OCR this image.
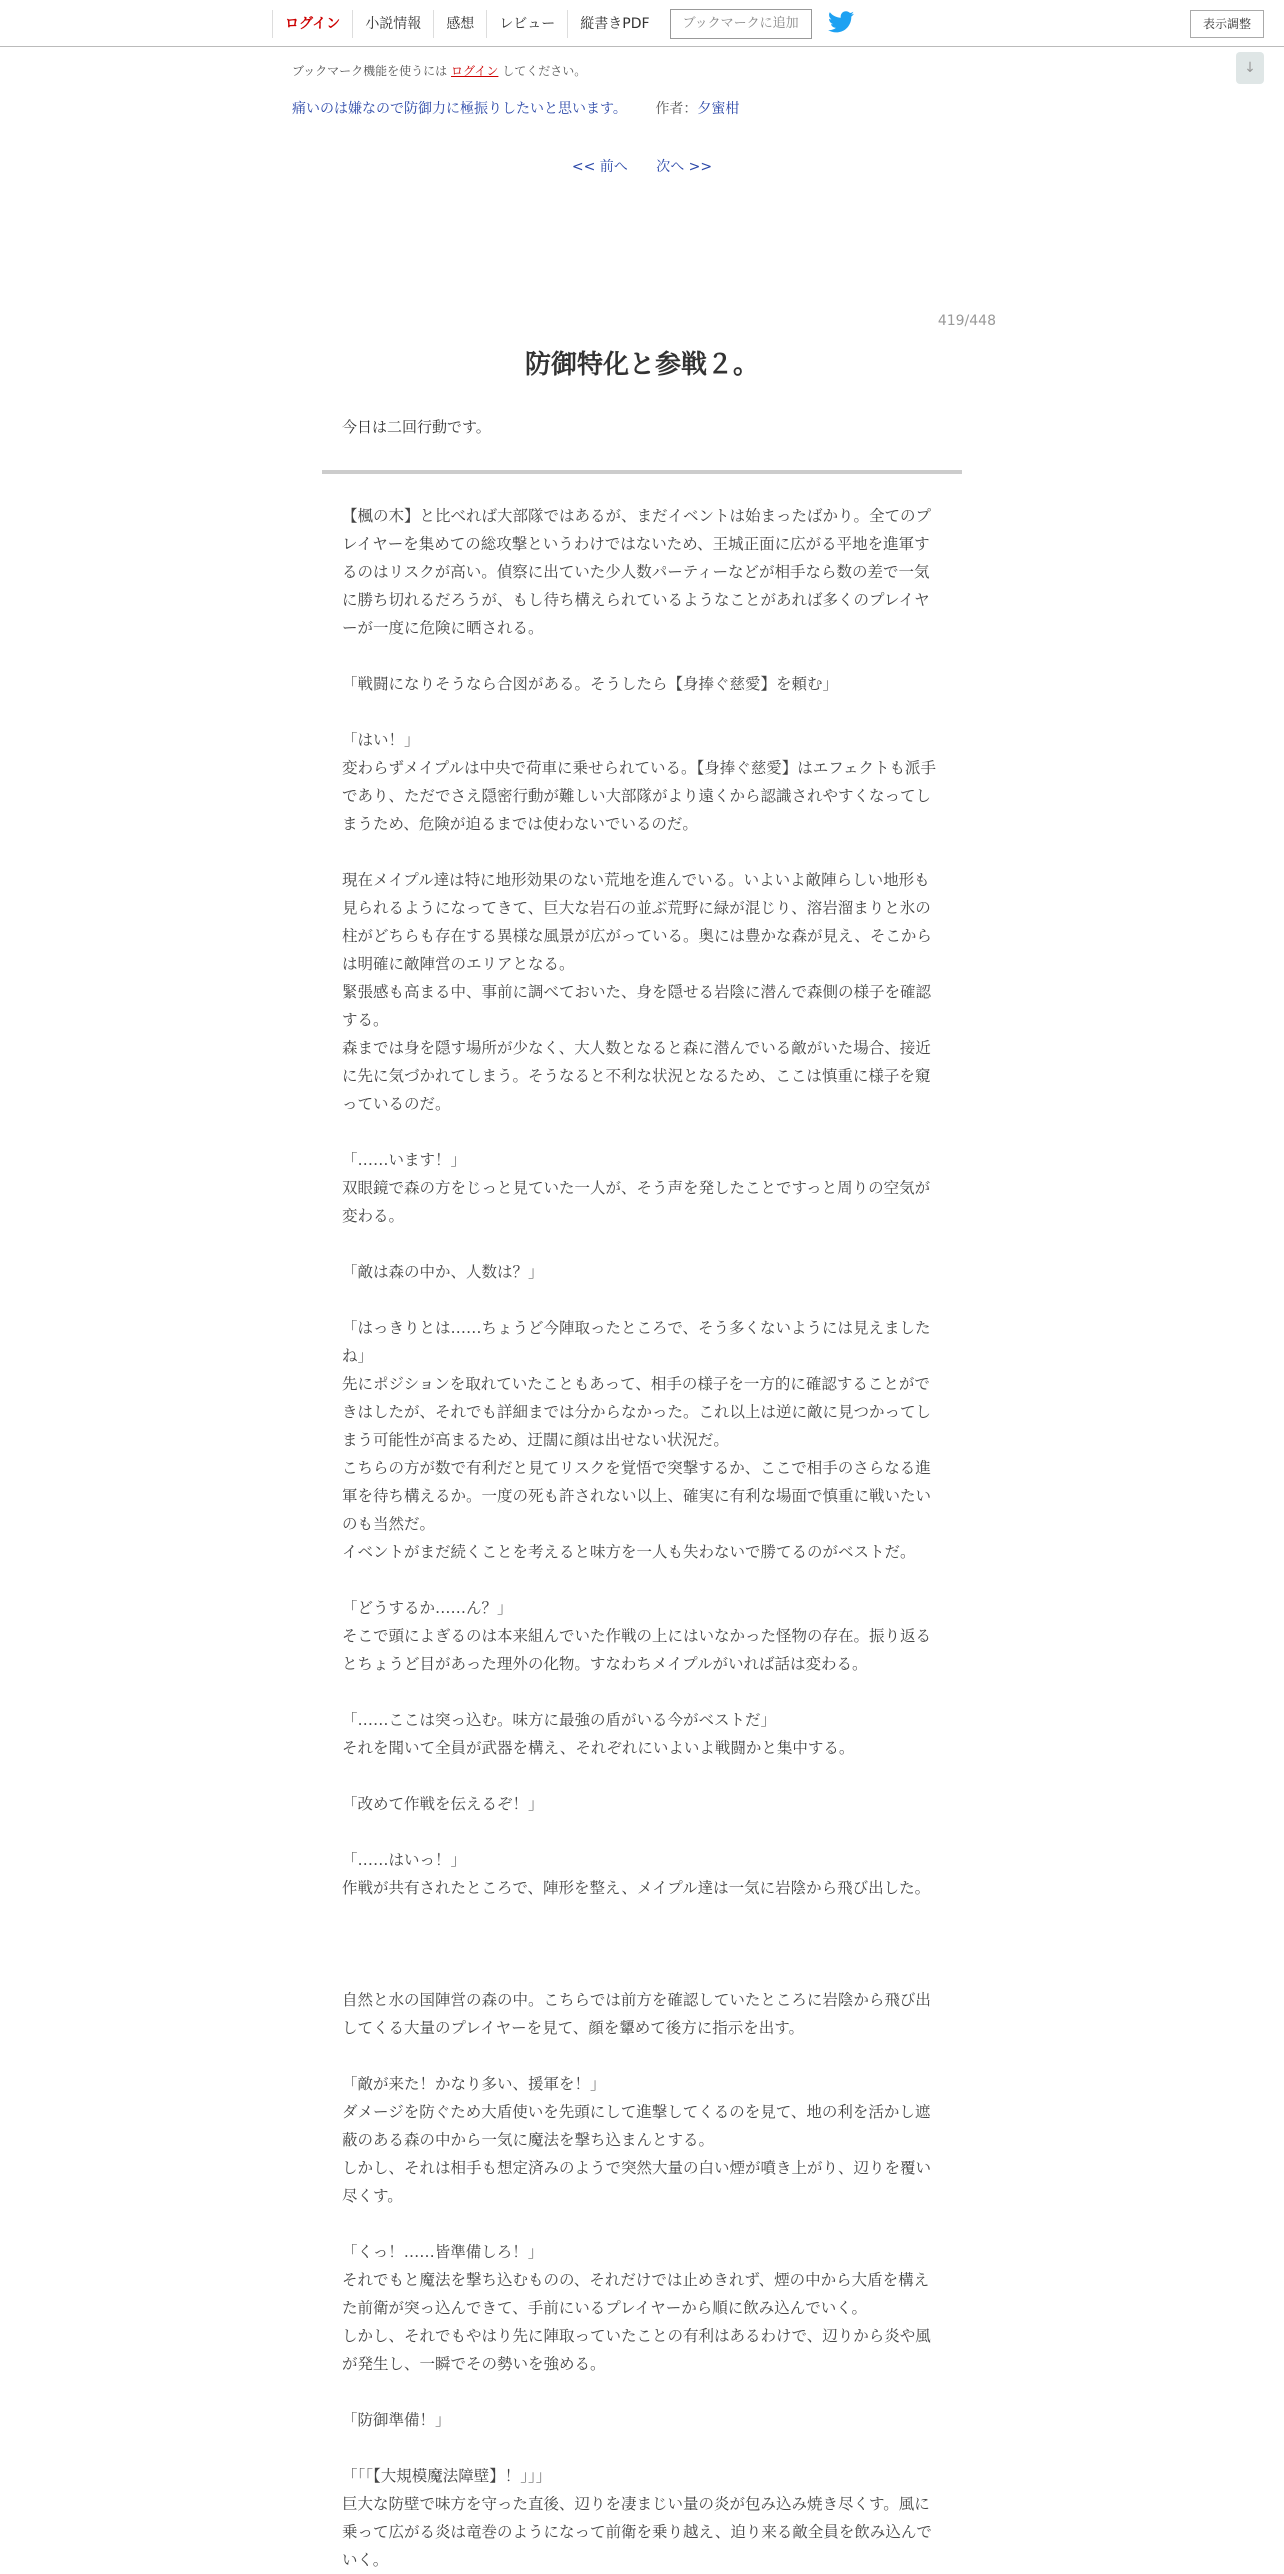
ログイン	小説情報	感想	レビュー	縦書きPDF	ブックマークに追加	表示調整
↓
ブックマーク機能を使うには ログイン してください。
痛いのは嫌なので防御力に極振りしたいと思います。 作者：夕蜜柑
<< 前へ 次へ >>
419/448
防御特化と参戦２。
今日は二回行動です。

【楓の木】と比べれば大部隊ではあるが、まだイベントは始まったばかり。全てのプレイヤーを集めての総攻撃というわけではないため、王城正面に広がる平地を進軍するのはリスクが高い。偵察に出ていた少人数パーティーなどが相手なら数の差で一気に勝ち切れるだろうが、もし待ち構えられているようなことがあれば多くのプレイヤーが一度に危険に晒される。

「戦闘になりそうなら合図がある。そうしたら【身捧ぐ慈愛】を頼む」

「はい！」

変わらずメイプルは中央で荷車に乗せられている。【身捧ぐ慈愛】はエフェクトも派手であり、ただでさえ隠密行動が難しい大部隊がより遠くから認識されやすくなってしまうため、危険が迫るまでは使わないでいるのだ。

現在メイプル達は特に地形効果のない荒地を進んでいる。いよいよ敵陣らしい地形も見られるようになってきて、巨大な岩石の並ぶ荒野に緑が混じり、溶岩溜まりと氷の柱がどちらも存在する異様な風景が広がっている。奥には豊かな森が見え、そこからは明確に敵陣営のエリアとなる。

緊張感も高まる中、事前に調べておいた、身を隠せる岩陰に潜んで森側の様子を確認する。

森までは身を隠す場所が少なく、大人数となると森に潜んでいる敵がいた場合、接近に先に気づかれてしまう。そうなると不利な状況となるため、ここは慎重に様子を窺っているのだ。

「……います！」

双眼鏡で森の方をじっと見ていた一人が、そう声を発したことですっと周りの空気が変わる。

「敵は森の中か、人数は？」

「はっきりとは……ちょうど今陣取ったところで、そう多くないようには見えましたね」

先にポジションを取れていたこともあって、相手の様子を一方的に確認することができはしたが、それでも詳細までは分からなかった。これ以上は逆に敵に見つかってしまう可能性が高まるため、迂闊に顔は出せない状況だ。

こちらの方が数で有利だと見てリスクを覚悟で突撃するか、ここで相手のさらなる進軍を待ち構えるか。一度の死も許されない以上、確実に有利な場面で慎重に戦いたいのも当然だ。

イベントがまだ続くことを考えると味方を一人も失わないで勝てるのがベストだ。

「どうするか……ん？」

そこで頭によぎるのは本来組んでいた作戦の上にはいなかった怪物の存在。振り返るとちょうど目があった理外の化物。すなわちメイプルがいれば話は変わる。

「……ここは突っ込む。味方に最強の盾がいる今がベストだ」

それを聞いて全員が武器を構え、それぞれにいよいよ戦闘かと集中する。

「改めて作戦を伝えるぞ！」

「……はいっ！」

作戦が共有されたところで、陣形を整え、メイプル達は一気に岩陰から飛び出した。

自然と水の国陣営の森の中。こちらでは前方を確認していたところに岩陰から飛び出してくる大量のプレイヤーを見て、顔を顰めて後方に指示を出す。

「敵が来た！かなり多い、援軍を！」

ダメージを防ぐため大盾使いを先頭にして進撃してくるのを見て、地の利を活かし遮蔽のある森の中から一気に魔法を撃ち込まんとする。

しかし、それは相手も想定済みのようで突然大量の白い煙が噴き上がり、辺りを覆い尽くす。

「くっ！……皆準備しろ！」

それでもと魔法を撃ち込むものの、それだけでは止めきれず、煙の中から大盾を構えた前衛が突っ込んできて、手前にいるプレイヤーから順に飲み込んでいく。

しかし、それでもやはり先に陣取っていたことの有利はあるわけで、辺りから炎や風が発生し、一瞬でその勢いを強める。

「防御準備！」

「「「【大規模魔法障壁】！」」」

巨大な防壁で味方を守った直後、辺りを凄まじい量の炎が包み込み焼き尽くす。風に乗って広がる炎は竜巻のようになって前衛を乗り越え、迫り来る敵全員を飲み込んでいく。
